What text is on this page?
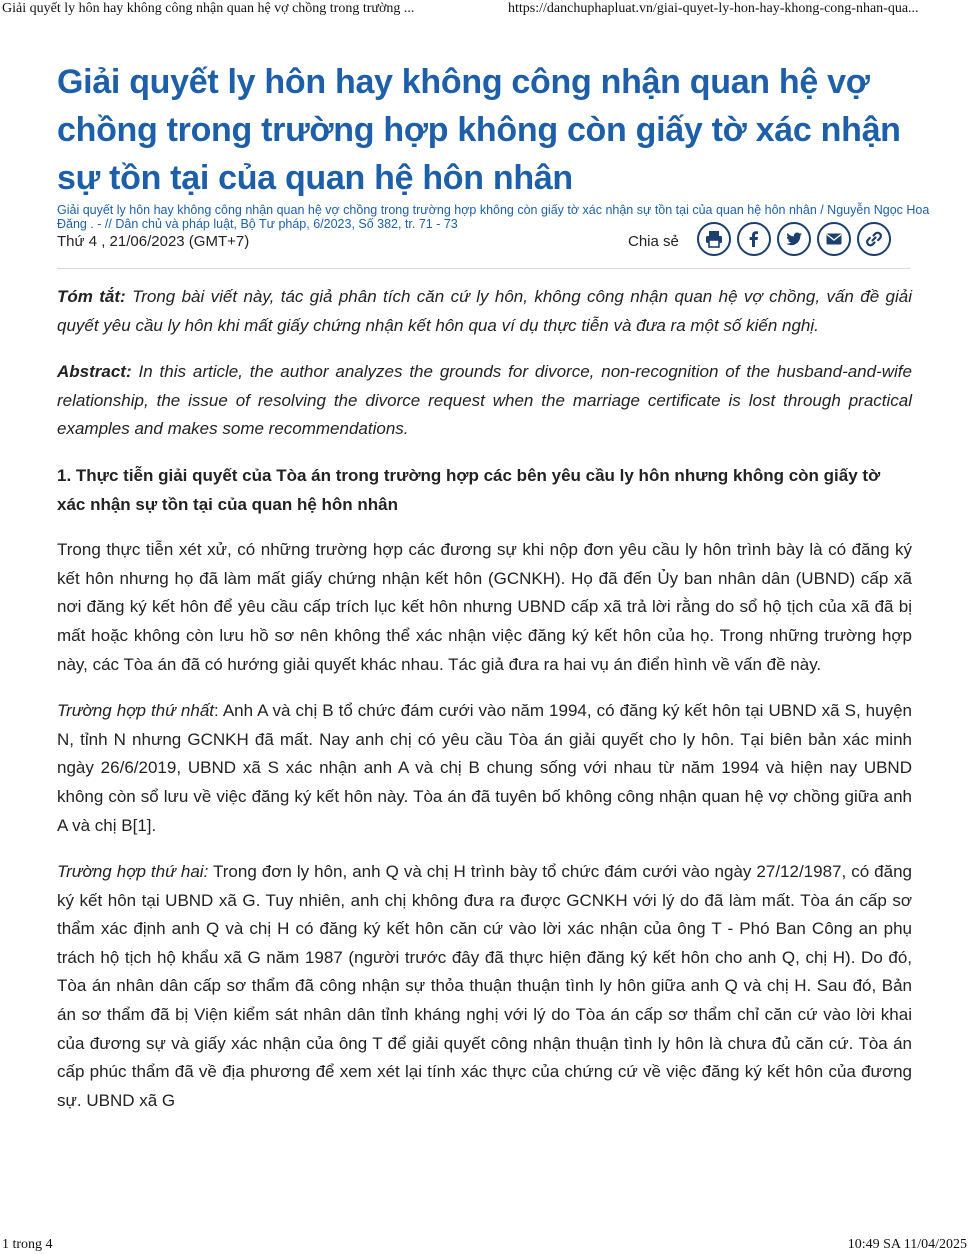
Giải quyết ly hôn hay không công nhận quan hệ vợ chồng trong trường ...	https://danchuphapluat.vn/giai-quyet-ly-hon-hay-khong-cong-nhan-qua...
Giải quyết ly hôn hay không công nhận quan hệ vợ chồng trong trường hợp không còn giấy tờ xác nhận sự tồn tại của quan hệ hôn nhân
Giải quyết ly hôn hay không công nhận quan hệ vợ chồng trong trường hợp không còn giấy tờ xác nhận sự tồn tại của quan hệ hôn nhân / Nguyễn Ngọc Hoa Đăng . - // Dân chủ và pháp luật, Bộ Tư pháp, 6/2023, Số 382, tr. 71 - 73
Thứ 4 , 21/06/2023 (GMT+7)	Chia sẻ

Tóm tắt: Trong bài viết này, tác giả phân tích căn cứ ly hôn, không công nhận quan hệ vợ chồng, vấn đề giải quyết yêu cầu ly hôn khi mất giấy chứng nhận kết hôn qua ví dụ thực tiễn và đưa ra một số kiến nghị.

Abstract: In this article, the author analyzes the grounds for divorce, non-recognition of the husband-and-wife relationship, the issue of resolving the divorce request when the marriage certificate is lost through practical examples and makes some recommendations.

1. Thực tiễn giải quyết của Tòa án trong trường hợp các bên yêu cầu ly hôn nhưng không còn giấy tờ xác nhận sự tồn tại của quan hệ hôn nhân

Trong thực tiễn xét xử, có những trường hợp các đương sự khi nộp đơn yêu cầu ly hôn trình bày là có đăng ký kết hôn nhưng họ đã làm mất giấy chứng nhận kết hôn (GCNKH). Họ đã đến Ủy ban nhân dân (UBND) cấp xã nơi đăng ký kết hôn để yêu cầu cấp trích lục kết hôn nhưng UBND cấp xã trả lời rằng do sổ hộ tịch của xã đã bị mất hoặc không còn lưu hồ sơ nên không thể xác nhận việc đăng ký kết hôn của họ. Trong những trường hợp này, các Tòa án đã có hướng giải quyết khác nhau. Tác giả đưa ra hai vụ án điển hình về vấn đề này.

Trường hợp thứ nhất: Anh A và chị B tổ chức đám cưới vào năm 1994, có đăng ký kết hôn tại UBND xã S, huyện N, tỉnh N nhưng GCNKH đã mất. Nay anh chị có yêu cầu Tòa án giải quyết cho ly hôn. Tại biên bản xác minh ngày 26/6/2019, UBND xã S xác nhận anh A và chị B chung sống với nhau từ năm 1994 và hiện nay UBND không còn sổ lưu về việc đăng ký kết hôn này. Tòa án đã tuyên bố không công nhận quan hệ vợ chồng giữa anh A và chị B[1].

Trường hợp thứ hai: Trong đơn ly hôn, anh Q và chị H trình bày tổ chức đám cưới vào ngày 27/12/1987, có đăng ký kết hôn tại UBND xã G. Tuy nhiên, anh chị không đưa ra được GCNKH với lý do đã làm mất. Tòa án cấp sơ thẩm xác định anh Q và chị H có đăng ký kết hôn căn cứ vào lời xác nhận của ông T - Phó Ban Công an phụ trách hộ tịch hộ khẩu xã G năm 1987 (người trước đây đã thực hiện đăng ký kết hôn cho anh Q, chị H). Do đó, Tòa án nhân dân cấp sơ thẩm đã công nhận sự thỏa thuận thuận tình ly hôn giữa anh Q và chị H. Sau đó, Bản án sơ thẩm đã bị Viện kiểm sát nhân dân tỉnh kháng nghị với lý do Tòa án cấp sơ thẩm chỉ căn cứ vào lời khai của đương sự và giấy xác nhận của ông T để giải quyết công nhận thuận tình ly hôn là chưa đủ căn cứ. Tòa án cấp phúc thẩm đã về địa phương để xem xét lại tính xác thực của chứng cứ về việc đăng ký kết hôn của đương sự. UBND xã G

1 trong 4	10:49 SA 11/04/2025
